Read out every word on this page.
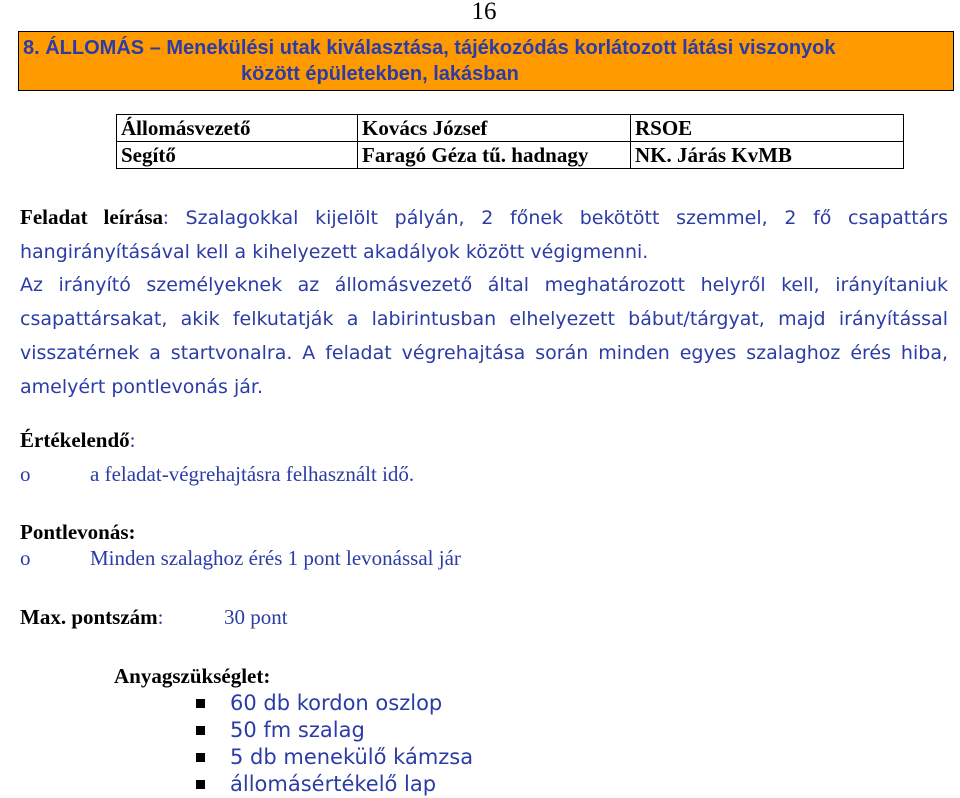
16
8. ÁLLOMÁS – Menekülési utak kiválasztása, tájékozódás korlátozott látási viszonyok
között épületekben, lakásban
Állomásvezető	Kovács József	RSOE
Segítő	Faragó Géza tű. hadnagy	NK. Járás KvMB
Feladat leírása: Szalagokkal kijelölt pályán, 2 főnek bekötött szemmel, 2 fő csapattárs hangirányításával kell a kihelyezett akadályok között végigmenni.
Az irányító személyeknek az állomásvezető által meghatározott helyről kell, irányítaniuk csapattársakat, akik felkutatják a labirintusban elhelyezett bábut/tárgyat, majd irányítással visszatérnek a startvonalra. A feladat végrehajtása során minden egyes szalaghoz érés hiba, amelyért pontlevonás jár.
Értékelendő:
o	a feladat-végrehajtásra felhasznált idő.
Pontlevonás:
o	Minden szalaghoz érés 1 pont levonással jár
Max. pontszám:	30 pont
Anyagszükséglet:
60 db kordon oszlop
50 fm szalag
5 db menekülő kámzsa
állomásértékelő lap
